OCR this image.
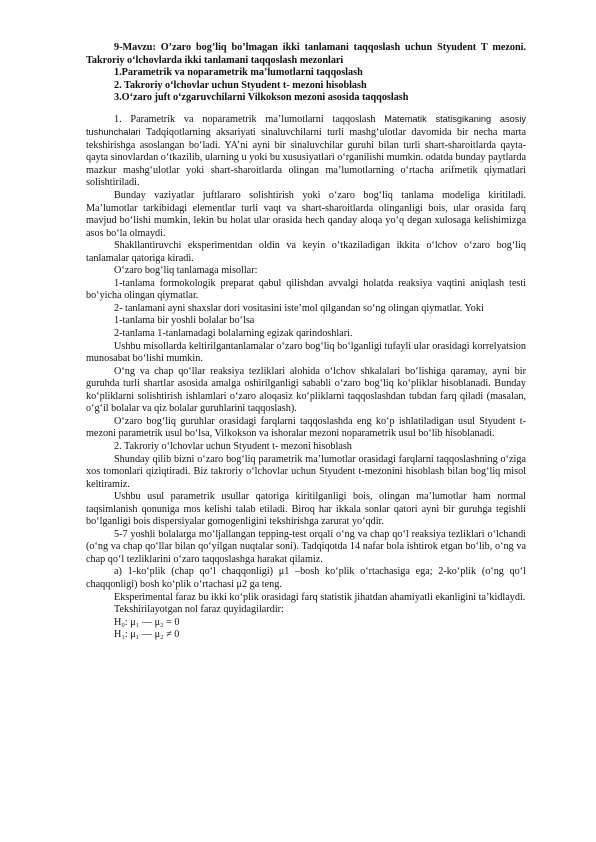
9-Mavzu: O’zaro bog’liq bo’lmagan ikki tanlamani taqqoslash uchun Styudent T mezoni. Takroriy o‘lchovlarda ikki tanlamani taqqoslash mezonlari

1.Parametrik va noparametrik ma’lumotlarni taqqoslash

2. Takroriy o‘lchovlar uchun Styudent t- mezoni hisoblash

3.O‘zaro juft o‘zgaruvchilarni Vilkokson mezoni asosida taqqoslash

1. Parametrik va noparametrik ma’lumotlarni taqqoslash Matematik statisgikaning asosiy tushunchalari Tadqiqotlarning aksariyati sinaluvchilarni turli mashg‘ulotlar davomida bir necha marta tekshirishga asoslangan bo‘ladi. YA’ni ayni bir sinaluvchilar guruhi bilan turli shart-sharoitlarda qayta-qayta sinovlardan o‘tkazilib, ularning u yoki bu xususiyatlari o‘rganilishi mumkin. odatda bunday paytlarda mazkur mashg‘ulotlar yoki shart-sharoitlarda olingan ma’lumotlarning o‘rtacha arifmetik qiymatlari solishtiriladi.

Bunday vaziyatlar juftlararo solishtirish yoki o‘zaro bog‘liq tanlama modeliga kiritiladi. Ma’lumotlar tarkibidagi elementlar turli vaqt va shart-sharoitlarda olinganligi bois, ular orasida farq mavjud bo‘lishi mumkin, lekin bu holat ular orasida hech qanday aloqa yo‘q degan xulosaga kelishimizga asos bo‘la olmaydi.

Shakllantiruvchi eksperimentdan oldin va keyin o‘tkaziladigan ikkita o‘lchov o‘zaro bog‘liq tanlamalar qatoriga kiradi.

O‘zaro bog‘liq tanlamaga misollar:

1-tanlama formokologik preparat qabul qilishdan avvalgi holatda reaksiya vaqtini aniqlash testi bo‘yicha olingan qiymatlar.

2- tanlamani ayni shaxslar dori vositasini iste’mol qilgandan so‘ng olingan qiymatlar. Yoki

1-tanlama bir yoshli bolalar bo‘lsa

2-tanlama 1-tanlamadagi bolalarning egizak qarindoshlari.

Ushbu misollarda keltirilgantanlamalar o‘zaro bog‘liq bo‘lganligi tufayli ular orasidagi korrelyatsion munosabat bo‘lishi mumkin.

O‘ng va chap qo‘llar reaksiya tezliklari alohida o‘lchov shkalalari bo‘lishiga qaramay, ayni bir guruhda turli shartlar asosida amalga oshirilganligi sababli o‘zaro bog‘liq ko‘pliklar hisoblanadi. Bunday ko‘pliklarni solishtirish ishlamlari o‘zaro aloqasiz ko‘pliklarni taqqoslashdan tubdan farq qiladi (masalan, o‘g‘il bolalar va qiz bolalar guruhlarini taqqoslash).

O‘zaro bog‘liq guruhlar orasidagi farqlarni taqqoslashda eng ko‘p ishlatiladigan usul Styudent t-mezoni parametrik usul bo‘lsa, Vilkokson va ishoralar mezoni noparametrik usul bo‘lib hisoblanadi.

2. Takroriy o‘lchovlar uchun Styudent t- mezoni hisoblash

Shunday qilib bizni o‘zaro bog‘liq parametrik ma’lumotlar orasidagi farqlarni taqqoslashning o‘ziga xos tomonlari qiziqtiradi. Biz takroriy o‘lchovlar uchun Styudent t-mezonini hisoblash bilan bog‘liq misol keltiramiz.

Ushbu usul parametrik usullar qatoriga kiritilganligi bois, olingan ma’lumotlar ham normal taqsimlanish qonuniga mos kelishi talab etiladi. Biroq har ikkala sonlar qatori ayni bir guruhga tegishli bo‘lganligi bois dispersiyalar gomogenligini tekshirishga zarurat yo‘qdir.

5-7 yoshli bolalarga mo‘ljallangan tepping-test orqali o‘ng va chap qo‘l reaksiya tezliklari o‘lchandi (o‘ng va chap qo‘llar bilan qo‘yilgan nuqtalar soni). Tadqiqotda 14 nafar bola ishtirok etgan bo‘lib, o‘ng va chap qo‘l tezliklarini o‘zaro taqqoslashga harakat qilamiz.

a) 1-ko‘plik (chap qo‘l chaqqonligi) μ1 –bosh ko‘plik o‘rtachasiga ega; 2-ko‘plik (o‘ng qo‘l chaqqonligi) bosh ko‘plik o‘rtachasi μ2 ga teng.

Eksperimental faraz bu ikki ko‘plik orasidagi farq statistik jihatdan ahamiyatli ekanligini ta’kidlaydi.

Tekshirilayotgan nol faraz quyidagilardir:

H₀: μ₁ — μ₂ = 0

H₁: μ₁ — μ₂ ≠ 0
